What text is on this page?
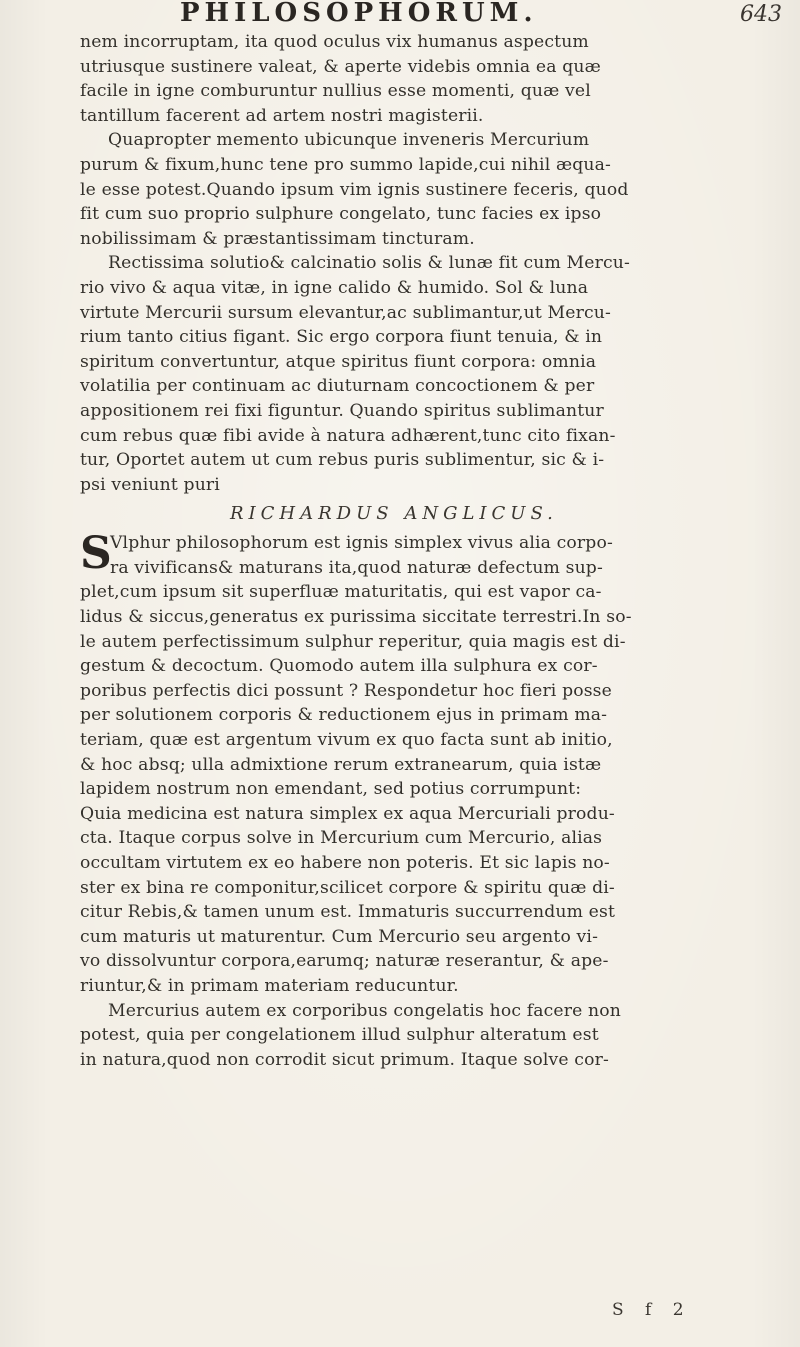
PHILOSOPHORUM.	643
nem incorruptam, ita quod oculus vix humanus aspectum
utriusque sustinere valeat, & aperte videbis omnia ea quæ
facile in igne comburuntur nullius esse momenti, quæ vel
tantillum facerent ad artem nostri magisterii.
Quapropter memento ubicunque inveneris Mercurium
purum & fixum,hunc tene pro summo lapide,cui nihil æqua-
le esse potest.Quando ipsum vim ignis sustinere feceris, quod
fit cum suo proprio sulphure congelato, tunc facies ex ipso
nobilissimam & præstantissimam tincturam.
Rectissima solutio& calcinatio solis & lunæ fit cum Mercu-
rio vivo & aqua vitæ, in igne calido & humido. Sol & luna
virtute Mercurii sursum elevantur,ac sublimantur,ut Mercu-
rium tanto citius figant. Sic ergo corpora fiunt tenuia, & in
spiritum convertuntur, atque spiritus fiunt corpora: omnia
volatilia per continuam ac diuturnam concoctionem & per
appositionem rei fixi figuntur. Quando spiritus sublimantur
cum rebus quæ fibi avide à natura adhærent,tunc cito fixan-
tur, Oportet autem ut cum rebus puris sublimentur, sic & i-
psi veniunt puri
RICHARDUS ANGLICUS.
S
Vlphur philosophorum est ignis simplex vivus alia corpo-
ra vivificans& maturans ita,quod naturæ defectum sup-
plet,cum ipsum sit superfluæ maturitatis, qui est vapor ca-
lidus & siccus,generatus ex purissima siccitate terrestri.In so-
le autem perfectissimum sulphur reperitur, quia magis est di-
gestum & decoctum. Quomodo autem illa sulphura ex cor-
poribus perfectis dici possunt ? Respondetur hoc fieri posse
per solutionem corporis & reductionem ejus in primam ma-
teriam, quæ est argentum vivum ex quo facta sunt ab initio,
& hoc absq; ulla admixtione rerum extranearum, quia istæ
lapidem nostrum non emendant, sed potius corrumpunt:
Quia medicina est natura simplex ex aqua Mercuriali produ-
cta. Itaque corpus solve in Mercurium cum Mercurio, alias
occultam virtutem ex eo habere non poteris. Et sic lapis no-
ster ex bina re componitur,scilicet corpore & spiritu quæ di-
citur Rebis,& tamen unum est. Immaturis succurrendum est
cum maturis ut maturentur. Cum Mercurio seu argento vi-
vo dissolvuntur corpora,earumq; naturæ reserantur, & ape-
riuntur,& in primam materiam reducuntur.
Mercurius autem ex corporibus congelatis hoc facere non
potest, quia per congelationem illud sulphur alteratum est
in natura,quod non corrodit sicut primum. Itaque solve cor-
S f 2
